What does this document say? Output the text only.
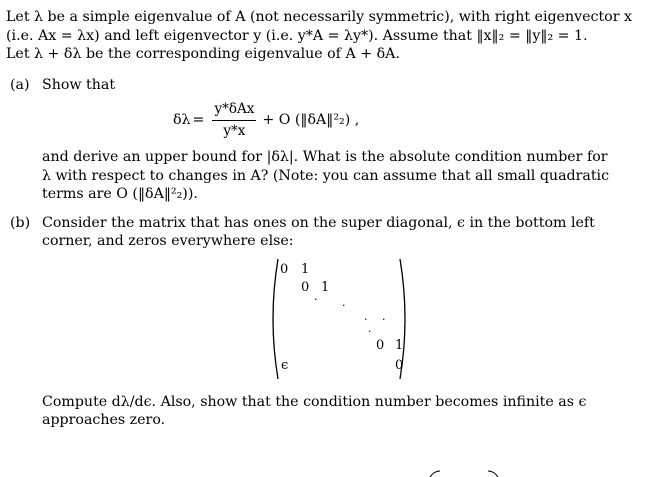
Let λ be a simple eigenvalue of A (not necessarily symmetric), with right eigenvector x

(i.e. Ax = λx) and left eigenvector y (i.e. y*A = λy*). Assume that ‖x‖₂ = ‖y‖₂ = 1.

Let λ + δλ be the corresponding eigenvalue of A + δA.

(a) Show that

$\delta\lambda = \frac{\text{y*δAx}}{y*x} + O$ (‖δA‖²₂) ,

and derive an upper bound for |δλ|. What is the absolute condition number for

λ with respect to changes in A? (Note: you can assume that all small quadratic

terms are O (‖δA‖²₂)).

(b) Consider the matrix that has ones on the super diagonal, ϵ in the bottom left

corner, and zeros everywhere else:

0 1
0 1
· ·
· ·
·
0 1
ϵ	0

Compute dλ/dϵ. Also, show that the condition number becomes infinite as ϵ

approaches zero.
